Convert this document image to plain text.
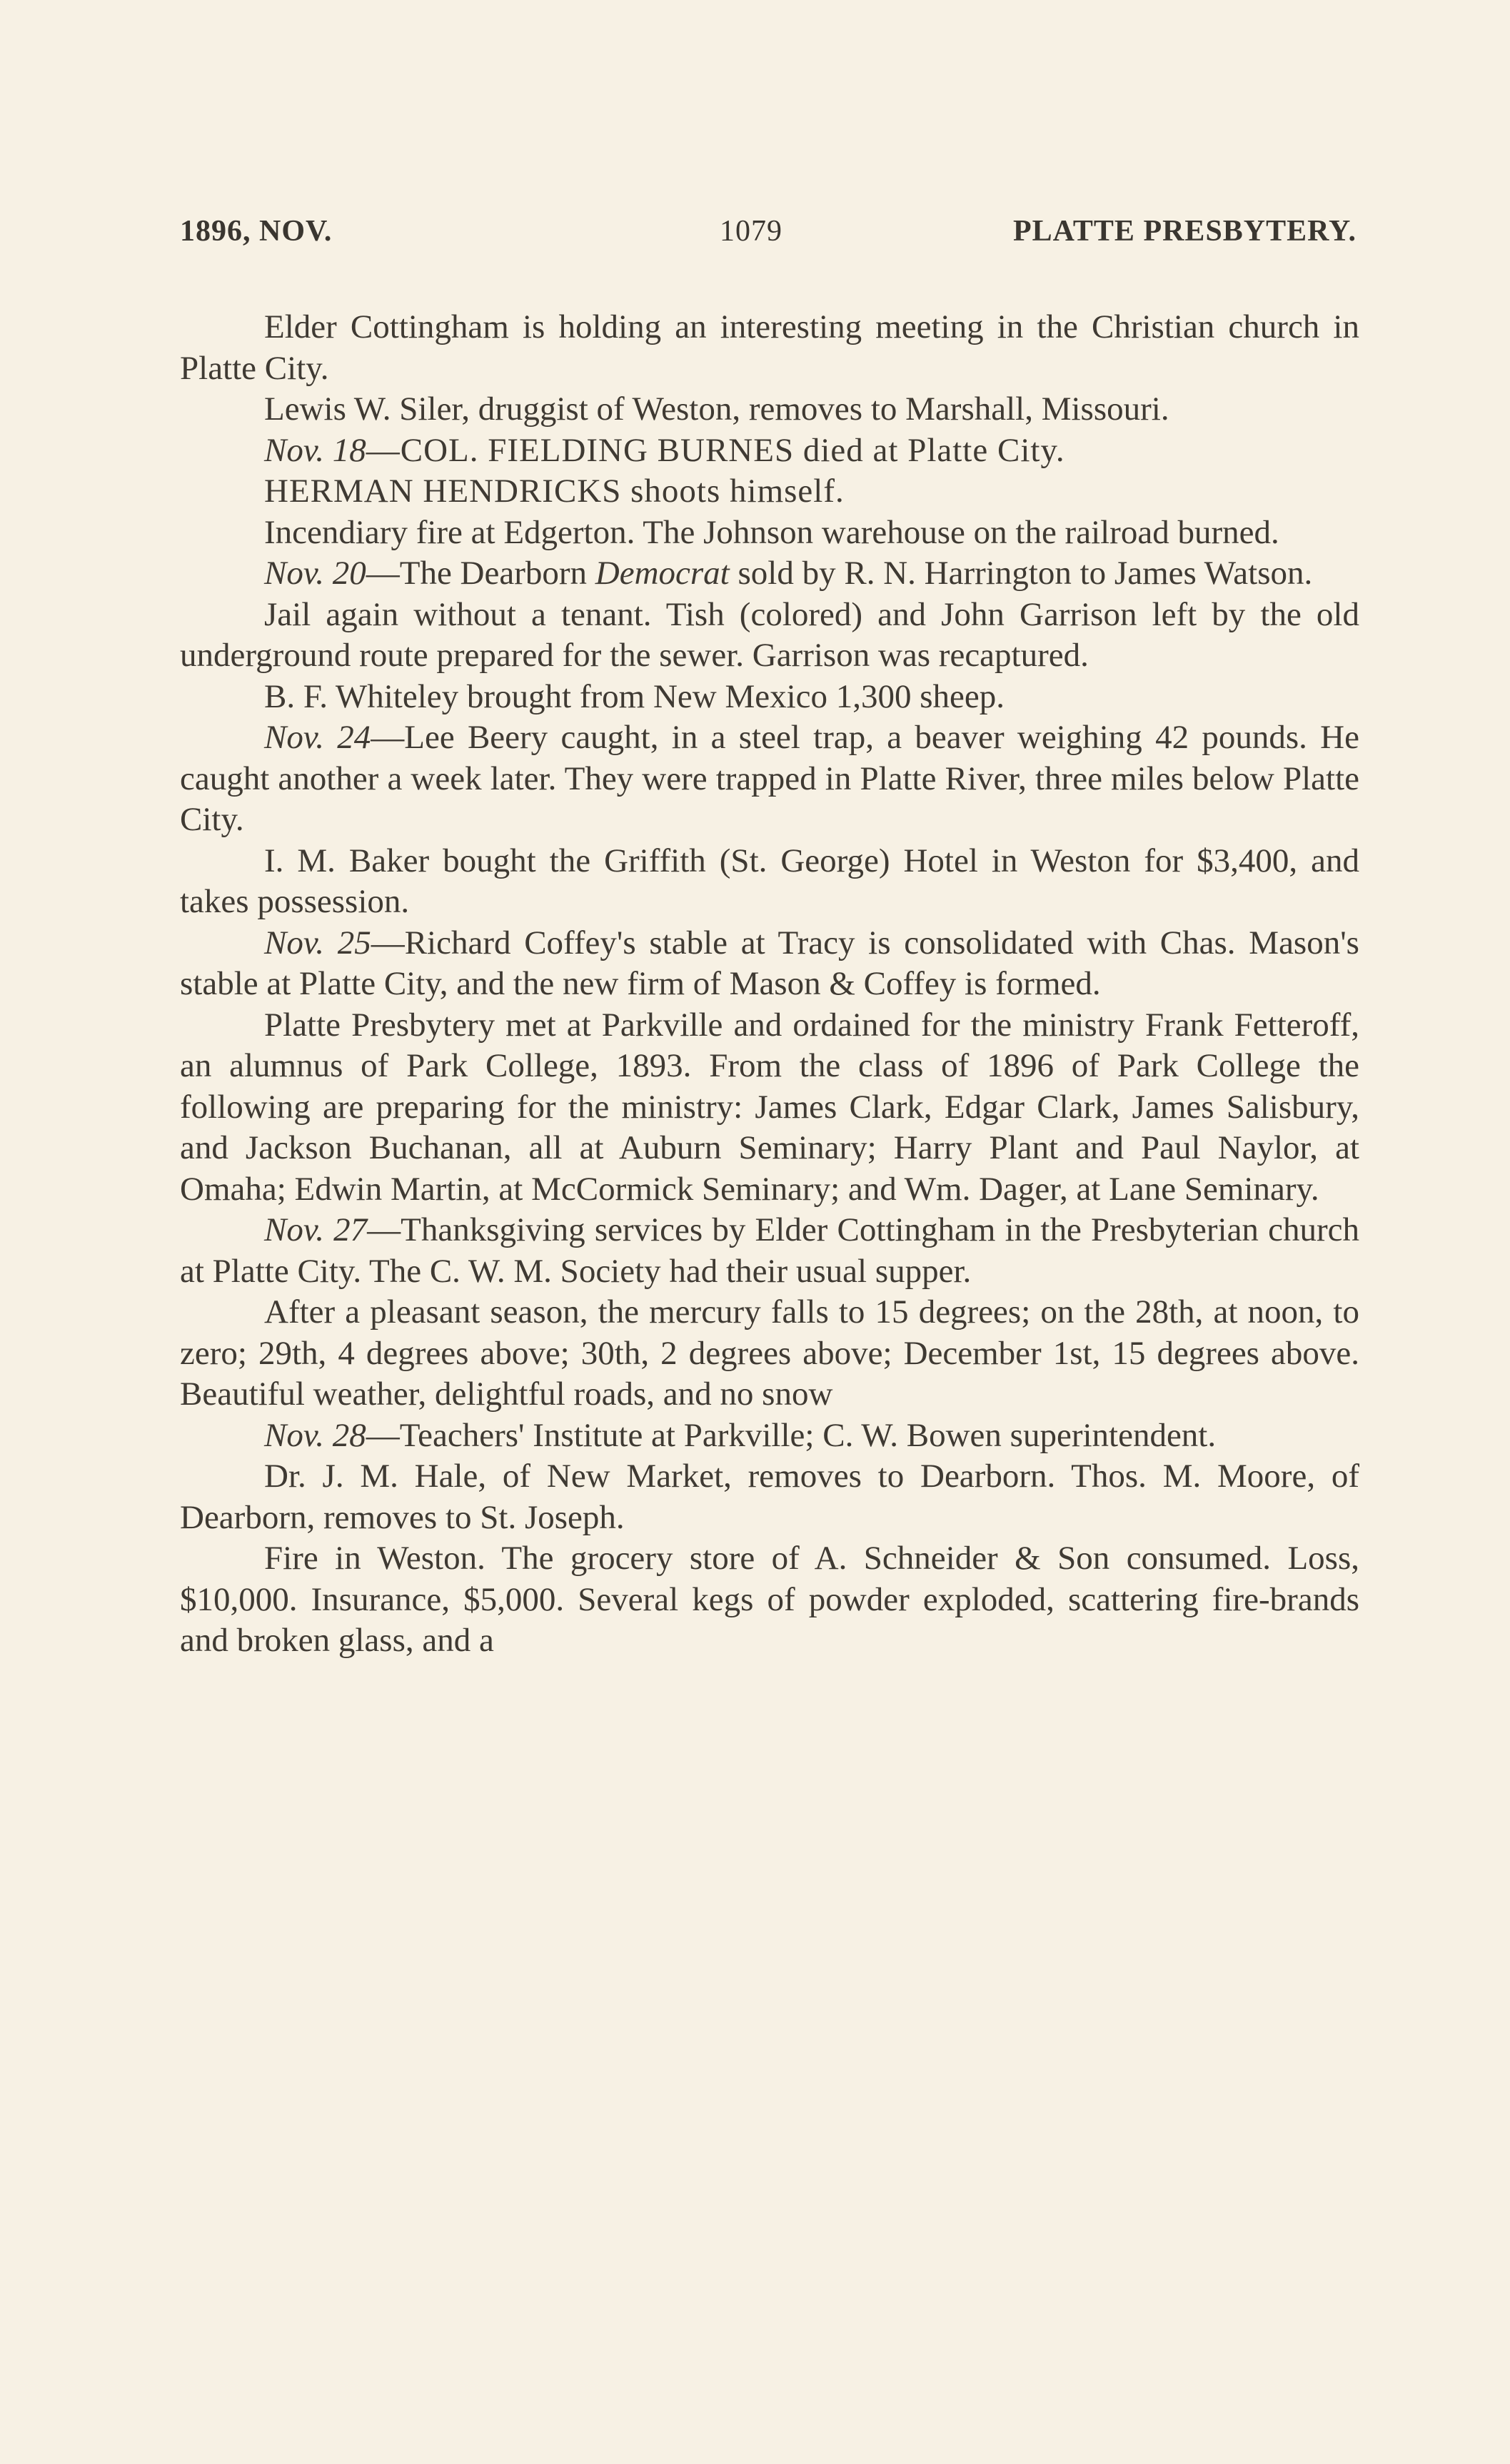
1896, NOV.	1079	PLATTE PRESBYTERY.

Elder Cottingham is holding an interesting meeting in the Christian church in Platte City.

Lewis W. Siler, druggist of Weston, removes to Marshall, Missouri.

Nov. 18—COL. FIELDING BURNES died at Platte City.

HERMAN HENDRICKS shoots himself.

Incendiary fire at Edgerton. The Johnson warehouse on the railroad burned.

Nov. 20—The Dearborn Democrat sold by R. N. Harrington to James Watson.

Jail again without a tenant. Tish (colored) and John Garrison left by the old underground route prepared for the sewer. Garrison was recaptured.

B. F. Whiteley brought from New Mexico 1,300 sheep.

Nov. 24—Lee Beery caught, in a steel trap, a beaver weighing 42 pounds. He caught another a week later. They were trapped in Platte River, three miles below Platte City.

I. M. Baker bought the Griffith (St. George) Hotel in Weston for $3,400, and takes possession.

Nov. 25—Richard Coffey's stable at Tracy is consolidated with Chas. Mason's stable at Platte City, and the new firm of Mason & Coffey is formed.

Platte Presbytery met at Parkville and ordained for the ministry Frank Fetteroff, an alumnus of Park College, 1893. From the class of 1896 of Park College the following are preparing for the ministry: James Clark, Edgar Clark, James Salisbury, and Jackson Buchanan, all at Auburn Seminary; Harry Plant and Paul Naylor, at Omaha; Edwin Martin, at McCormick Seminary; and Wm. Dager, at Lane Seminary.

Nov. 27—Thanksgiving services by Elder Cottingham in the Presbyterian church at Platte City. The C. W. M. Society had their usual supper.

After a pleasant season, the mercury falls to 15 degrees; on the 28th, at noon, to zero; 29th, 4 degrees above; 30th, 2 degrees above; December 1st, 15 degrees above. Beautiful weather, delightful roads, and no snow

Nov. 28—Teachers' Institute at Parkville; C. W. Bowen superintendent.

Dr. J. M. Hale, of New Market, removes to Dearborn. Thos. M. Moore, of Dearborn, removes to St. Joseph.

Fire in Weston. The grocery store of A. Schneider & Son consumed. Loss, $10,000. Insurance, $5,000. Several kegs of powder exploded, scattering fire-brands and broken glass, and a
